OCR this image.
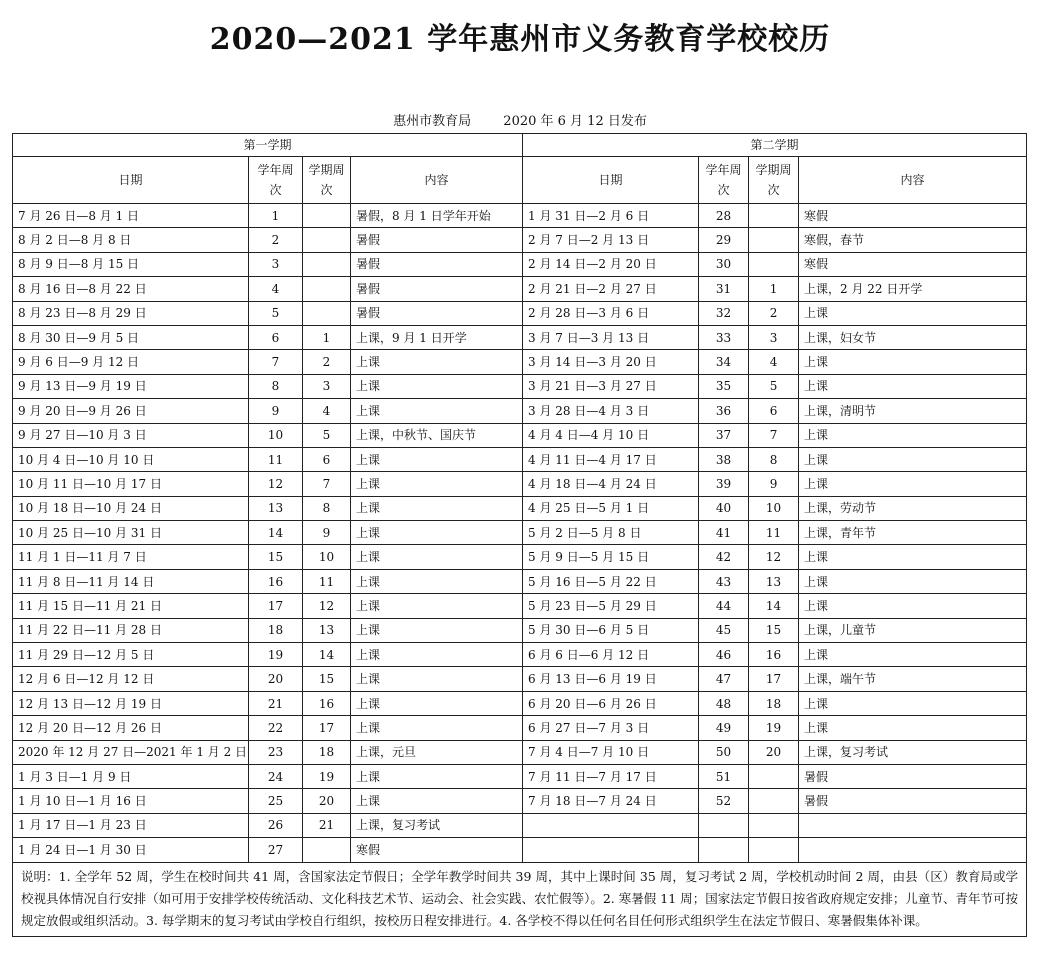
2020—2021 学年惠州市义务教育学校校历
惠州市教育局 2020 年 6 月 12 日发布
第一学期				第二学期			
日期	学年周次	学期周次	内容	日期	学年周次	学期周次	内容
7 月 26 日—8 月 1 日	1		暑假，8 月 1 日学年开始	1 月 31 日—2 月 6 日	28		寒假
8 月 2 日—8 月 8 日	2		暑假	2 月 7 日—2 月 13 日	29		寒假，春节
8 月 9 日—8 月 15 日	3		暑假	2 月 14 日—2 月 20 日	30		寒假
8 月 16 日—8 月 22 日	4		暑假	2 月 21 日—2 月 27 日	31	1	上课，2 月 22 日开学
8 月 23 日—8 月 29 日	5		暑假	2 月 28 日—3 月 6 日	32	2	上课
8 月 30 日—9 月 5 日	6	1	上课，9 月 1 日开学	3 月 7 日—3 月 13 日	33	3	上课，妇女节
9 月 6 日—9 月 12 日	7	2	上课	3 月 14 日—3 月 20 日	34	4	上课
9 月 13 日—9 月 19 日	8	3	上课	3 月 21 日—3 月 27 日	35	5	上课
9 月 20 日—9 月 26 日	9	4	上课	3 月 28 日—4 月 3 日	36	6	上课，清明节
9 月 27 日—10 月 3 日	10	5	上课，中秋节、国庆节	4 月 4 日—4 月 10 日	37	7	上课
10 月 4 日—10 月 10 日	11	6	上课	4 月 11 日—4 月 17 日	38	8	上课
10 月 11 日—10 月 17 日	12	7	上课	4 月 18 日—4 月 24 日	39	9	上课
10 月 18 日—10 月 24 日	13	8	上课	4 月 25 日—5 月 1 日	40	10	上课，劳动节
10 月 25 日—10 月 31 日	14	9	上课	5 月 2 日—5 月 8 日	41	11	上课，青年节
11 月 1 日—11 月 7 日	15	10	上课	5 月 9 日—5 月 15 日	42	12	上课
11 月 8 日—11 月 14 日	16	11	上课	5 月 16 日—5 月 22 日	43	13	上课
11 月 15 日—11 月 21 日	17	12	上课	5 月 23 日—5 月 29 日	44	14	上课
11 月 22 日—11 月 28 日	18	13	上课	5 月 30 日—6 月 5 日	45	15	上课，儿童节
11 月 29 日—12 月 5 日	19	14	上课	6 月 6 日—6 月 12 日	46	16	上课
12 月 6 日—12 月 12 日	20	15	上课	6 月 13 日—6 月 19 日	47	17	上课，端午节
12 月 13 日—12 月 19 日	21	16	上课	6 月 20 日—6 月 26 日	48	18	上课
12 月 20 日—12 月 26 日	22	17	上课	6 月 27 日—7 月 3 日	49	19	上课
2020 年 12 月 27 日—2021 年 1 月 2 日	23	18	上课，元旦	7 月 4 日—7 月 10 日	50	20	上课，复习考试
1 月 3 日—1 月 9 日	24	19	上课	7 月 11 日—7 月 17 日	51		暑假
1 月 10 日—1 月 16 日	25	20	上课	7 月 18 日—7 月 24 日	52		暑假
1 月 17 日—1 月 23 日	26	21	上课，复习考试				
1 月 24 日—1 月 30 日	27		寒假				
说明：1. 全学年 52 周，学生在校时间共 41 周，含国家法定节假日；全学年教学时间共 39 周，其中上课时间 35 周，复习考试 2 周，学校机动时间 2 周，由县（区）教育局或学校视具体情况自行安排（如可用于安排学校传统活动、文化科技艺术节、运动会、社会实践、农忙假等）。2. 寒暑假 11 周；国家法定节假日按省政府规定安排；儿童节、青年节可按规定放假或组织活动。3. 每学期末的复习考试由学校自行组织，按校历日程安排进行。4. 各学校不得以任何名目任何形式组织学生在法定节假日、寒暑假集体补课。							
